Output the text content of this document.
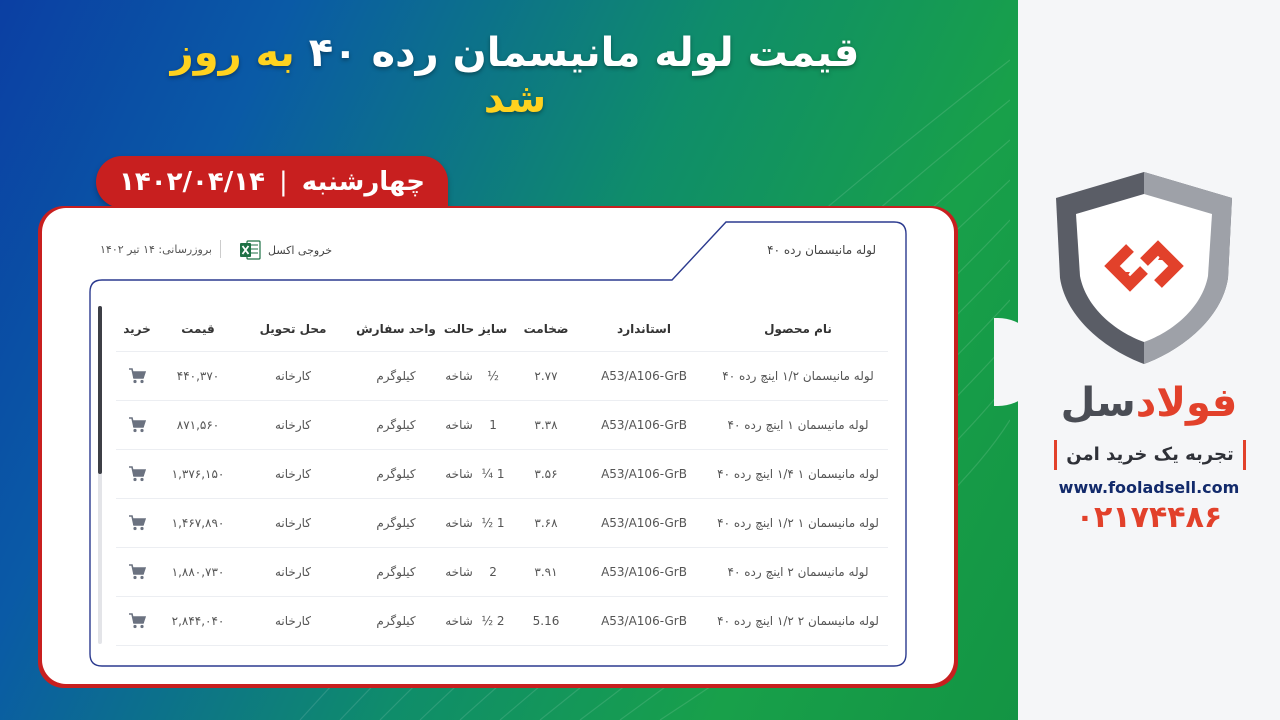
فولادسل
تجربه یک خرید امن
www.fooladsell.com
۰۲۱۷۴۴۸۶
قیمت لوله مانیسمان رده ۴۰ به روز شد
چهارشنبه
|
۱۴۰۲/۰۴/۱۴
لوله مانیسمان رده ۴۰
خروجی اکسل
بروزرسانی: ۱۴ تیر ۱۴۰۲
نام محصول
استاندارد
ضخامت
سایز
حالت
واحد سفارش
محل تحویل
قیمت
خرید
لوله مانیسمان ۱/۲ اینچ رده ۴۰
A53/A106-GrB
۲.۷۷
½
شاخه
کیلوگرم
کارخانه
۴۴۰,۳۷۰
لوله مانیسمان ۱ اینچ رده ۴۰
A53/A106-GrB
۳.۳۸
1
شاخه
کیلوگرم
کارخانه
۸۷۱,۵۶۰
لوله مانیسمان ۱ ۱/۴ اینچ رده ۴۰
A53/A106-GrB
۳.۵۶
1 ¼
شاخه
کیلوگرم
کارخانه
۱,۳۷۶,۱۵۰
لوله مانیسمان ۱ ۱/۲ اینچ رده ۴۰
A53/A106-GrB
۳.۶۸
1 ½
شاخه
کیلوگرم
کارخانه
۱,۴۶۷,۸۹۰
لوله مانیسمان ۲ اینچ رده ۴۰
A53/A106-GrB
۳.۹۱
2
شاخه
کیلوگرم
کارخانه
۱,۸۸۰,۷۳۰
لوله مانیسمان ۲ ۱/۲ اینچ رده ۴۰
A53/A106-GrB
5.16
2 ½
شاخه
کیلوگرم
کارخانه
۲,۸۴۴,۰۴۰
